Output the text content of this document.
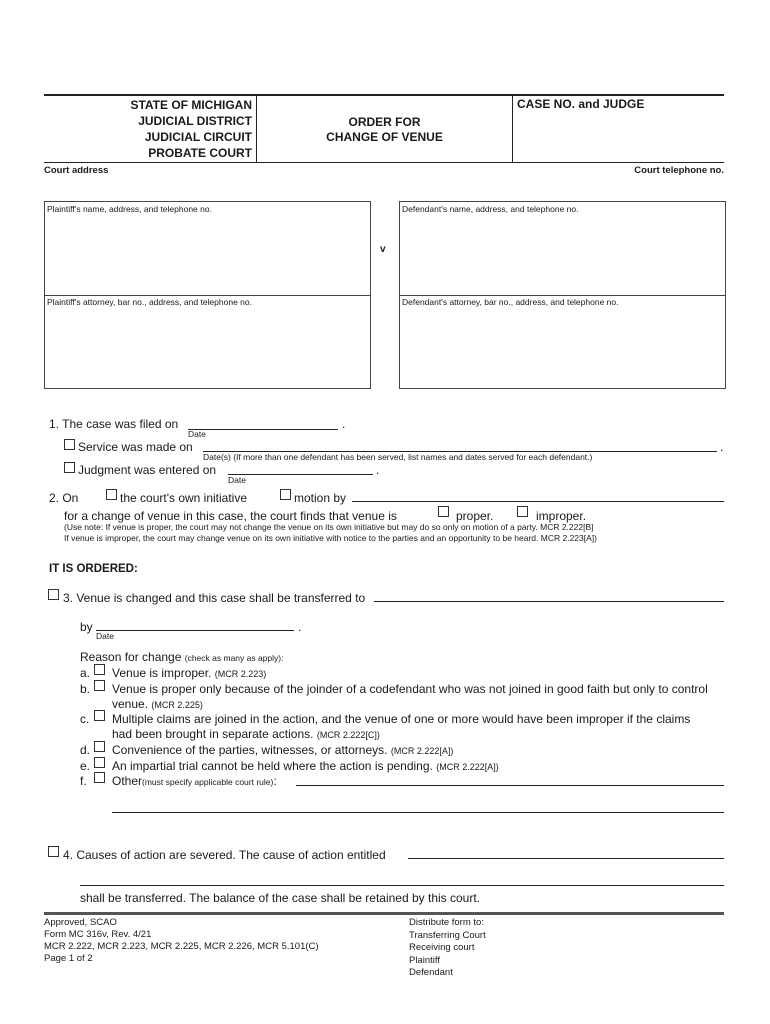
STATE OF MICHIGAN
JUDICIAL DISTRICT
JUDICIAL CIRCUIT
PROBATE COURT
ORDER FOR
CHANGE OF VENUE
CASE NO. and JUDGE
Court address	Court telephone no.
Plaintiff's name, address, and telephone no.
Plaintiff's attorney, bar no., address, and telephone no.
v
Defendant's name, address, and telephone no.
Defendant's attorney, bar no., address, and telephone no.
1. The case was filed on	.
Date
Service was made on	.
Date(s) (If more than one defendant has been served, list names and dates served for each defendant.)
Judgment was entered on	.
Date
2. On	the court's own initiative	motion by
for a change of venue in this case, the court finds that venue is	proper.	improper.
(Use note: If venue is proper, the court may not change the venue on its own initiative but may do so only on motion of a party. MCR 2.222[B]
If venue is improper, the court may change venue on its own initiative with notice to the parties and an opportunity to be heard. MCR 2.223[A])
IT IS ORDERED:
3. Venue is changed and this case shall be transferred to
by	.
Date
Reason for change (check as many as apply):
a. Venue is improper. (MCR 2.223)
b. Venue is proper only because of the joinder of a codefendant who was not joined in good faith but only to control
venue. (MCR 2.225)
c. Multiple claims are joined in the action, and the venue of one or more would have been improper if the claims
had been brought in separate actions. (MCR 2.222[C])
d. Convenience of the parties, witnesses, or attorneys. (MCR 2.222[A])
e. An impartial trial cannot be held where the action is pending. (MCR 2.222[A])
f. Other(must specify applicable court rule):
4. Causes of action are severed. The cause of action entitled
shall be transferred. The balance of the case shall be retained by this court.
Approved, SCAO
Form MC 316v, Rev. 4/21
MCR 2.222, MCR 2.223, MCR 2.225, MCR 2.226, MCR 5.101(C)
Page 1 of 2
Distribute form to:
Transferring Court
Receiving court
Plaintiff
Defendant
